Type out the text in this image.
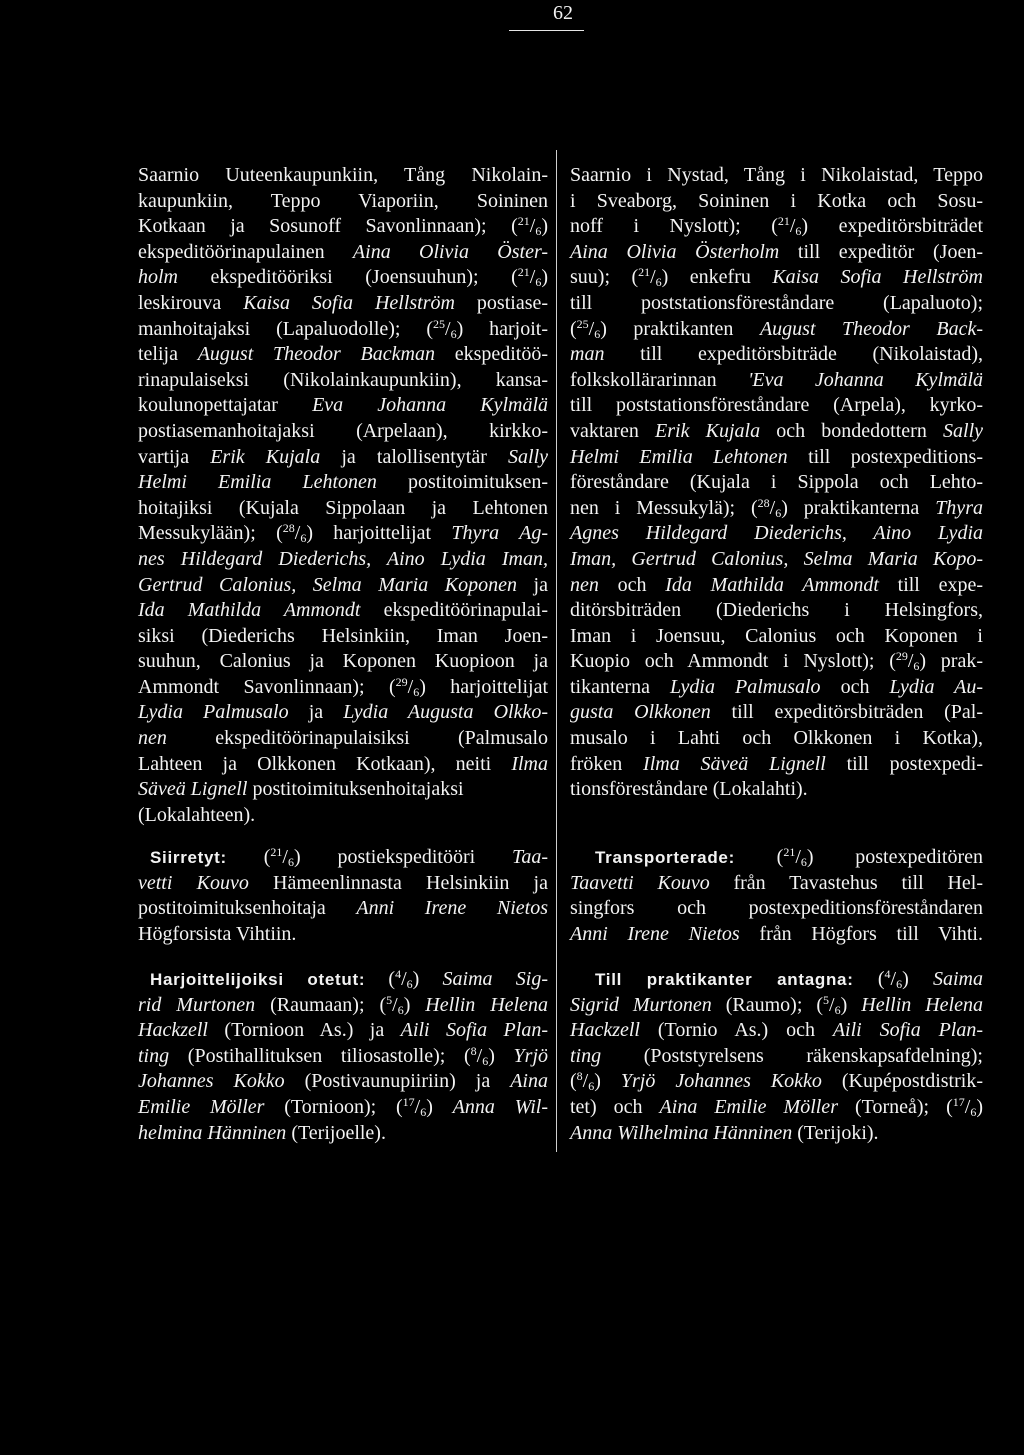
62
Saarnio Uuteenkaupunkiin, Tång Nikolain-
kaupunkiin, Teppo Viaporiin, Soininen
Kotkaan ja Sosunoff Savonlinnaan); ($^{21}$/6)
ekspeditöörinapulainen Aina Olivia Öster-
holm ekspeditööriksi (Joensuuhun); ($^{21}$/6)
leskirouva Kaisa Sofia Hellström postiase-
manhoitajaksi (Lapaluodolle); ($^{25}$/6) harjoit-
telija August Theodor Backman ekspeditöö-
rinapulaiseksi (Nikolainkaupunkiin), kansa-
koulunopettajatar Eva Johanna Kylmälä
postiasemanhoitajaksi (Arpelaan), kirkko-
vartija Erik Kujala ja talollisentytär Sally
Helmi Emilia Lehtonen postitoimituksen-
hoitajiksi (Kujala Sippolaan ja Lehtonen
Messukylään); ($^{28}$/6) harjoittelijat Thyra Ag-
nes Hildegard Diederichs, Aino Lydia Iman,
Gertrud Calonius, Selma Maria Koponen ja
Ida Mathilda Ammondt ekspeditöörinapulai-
siksi (Diederichs Helsinkiin, Iman Joen-
suuhun, Calonius ja Koponen Kuopioon ja
Ammondt Savonlinnaan); ($^{29}$/6) harjoittelijat
Lydia Palmusalo ja Lydia Augusta Olkko-
nen ekspeditöörinapulaisiksi (Palmusalo
Lahteen ja Olkkonen Kotkaan), neiti Ilma
Säveä Lignell postitoimituksenhoitajaksi
(Lokalahteen).
Siirretyt: ($^{21}$/6) postiekspeditööri Taa-
vetti Kouvo Hämeenlinnasta Helsinkiin ja
postitoimituksenhoitaja Anni Irene Nietos
Högforsista Vihtiin.
Harjoittelijoiksi otetut: ($^4$/6) Saima Sig-
rid Murtonen (Raumaan); ($^5$/6) Hellin Helena
Hackzell (Tornioon As.) ja Aili Sofia Plan-
ting (Postihallituksen tiliosastolle); ($^8$/6) Yrjö
Johannes Kokko (Postivaunupiiriin) ja Aina
Emilie Möller (Tornioon); ($^{17}$/6) Anna Wil-
helmina Hänninen (Terijoelle).
Saarnio i Nystad, Tång i Nikolaistad, Teppo
i Sveaborg, Soininen i Kotka och Sosu-
noff i Nyslott); ($^{21}$/6) expeditörsbiträdet
Aina Olivia Österholm till expeditör (Joen-
suu); ($^{21}$/6) enkefru Kaisa Sofia Hellström
till poststationsföreståndare (Lapaluoto);
($^{25}$/6) praktikanten August Theodor Back-
man till expeditörsbiträde (Nikolaistad),
folkskollärarinnan 'Eva Johanna Kylmälä
till poststationsföreståndare (Arpela), kyrko-
vaktaren Erik Kujala och bondedottern Sally
Helmi Emilia Lehtonen till postexpeditions-
föreståndare (Kujala i Sippola och Lehto-
nen i Messukylä); ($^{28}$/6) praktikanterna Thyra
Agnes Hildegard Diederichs, Aino Lydia
Iman, Gertrud Calonius, Selma Maria Kopo-
nen och Ida Mathilda Ammondt till expe-
ditörsbiträden (Diederichs i Helsingfors,
Iman i Joensuu, Calonius och Koponen i
Kuopio och Ammondt i Nyslott); ($^{29}$/6) prak-
tikanterna Lydia Palmusalo och Lydia Au-
gusta Olkkonen till expeditörsbiträden (Pal-
musalo i Lahti och Olkkonen i Kotka),
fröken Ilma Säveä Lignell till postexpedi-
tionsföreståndare (Lokalahti).
Transporterade: ($^{21}$/6) postexpeditören
Taavetti Kouvo från Tavastehus till Hel-
singfors och postexpeditionsföreståndaren
Anni Irene Nietos från Högfors till Vihti.
Till praktikanter antagna: ($^4$/6) Saima
Sigrid Murtonen (Raumo); ($^5$/6) Hellin Helena
Hackzell (Tornio As.) och Aili Sofia Plan-
ting (Poststyrelsens räkenskapsafdelning);
($^8$/6) Yrjö Johannes Kokko (Kupépostdistrik-
tet) och Aina Emilie Möller (Torneå); ($^{17}$/6)
Anna Wilhelmina Hänninen (Terijoki).
